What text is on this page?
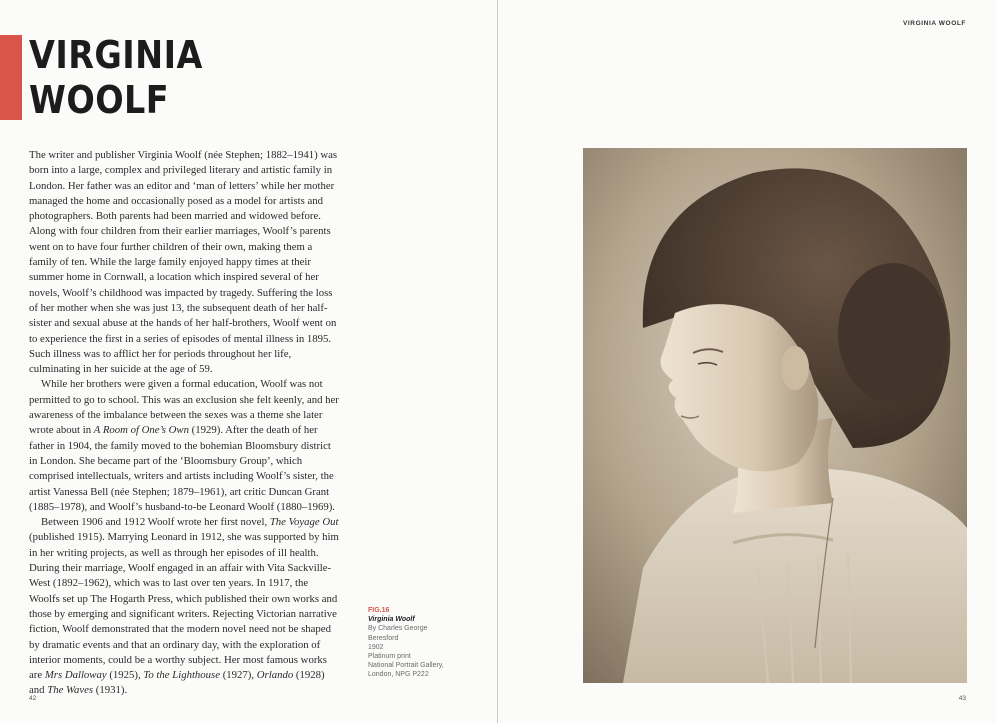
VIRGINIA
WOOLF

The writer and publisher Virginia Woolf (née Stephen; 1882–1941) was born into a large, complex and privileged literary and artistic family in London. Her father was an editor and ‘man of letters’ while her mother managed the home and occasionally posed as a model for artists and photographers. Both parents had been married and widowed before. Along with four children from their earlier marriages, Woolf’s parents went on to have four further children of their own, making them a family of ten. While the large family enjoyed happy times at their summer home in Cornwall, a location which inspired several of her novels, Woolf’s childhood was impacted by tragedy. Suffering the loss of her mother when she was just 13, the subsequent death of her half-sister and sexual abuse at the hands of her half-brothers, Woolf went on to experience the first in a series of episodes of mental illness in 1895. Such illness was to afflict her for periods throughout her life, culminating in her suicide at the age of 59.

While her brothers were given a formal education, Woolf was not permitted to go to school. This was an exclusion she felt keenly, and her awareness of the imbalance between the sexes was a theme she later wrote about in A Room of One’s Own (1929). After the death of her father in 1904, the family moved to the bohemian Bloomsbury district in London. She became part of the ‘Bloomsbury Group’, which comprised intellectuals, writers and artists including Woolf’s sister, the artist Vanessa Bell (née Stephen; 1879–1961), art critic Duncan Grant (1885–1978), and Woolf’s husband-to-be Leonard Woolf (1880–1969).

Between 1906 and 1912 Woolf wrote her first novel, The Voyage Out (published 1915). Marrying Leonard in 1912, she was supported by him in her writing projects, as well as through her episodes of ill health. During their marriage, Woolf engaged in an affair with Vita Sackville-West (1892–1962), which was to last over ten years. In 1917, the Woolfs set up The Hogarth Press, which published their own works and those by emerging and significant writers. Rejecting Victorian narrative fiction, Woolf demonstrated that the modern novel need not be shaped by dramatic events and that an ordinary day, with the exploration of interior moments, could be a worthy subject. Her most famous works are Mrs Dalloway (1925), To the Lighthouse (1927), Orlando (1928) and The Waves (1931).

FIG.16
Virginia Woolf
By Charles George
Beresford
1902
Platinum print
National Portrait Gallery,
London, NPG P222
42
VIRGINIA WOOLF
43
